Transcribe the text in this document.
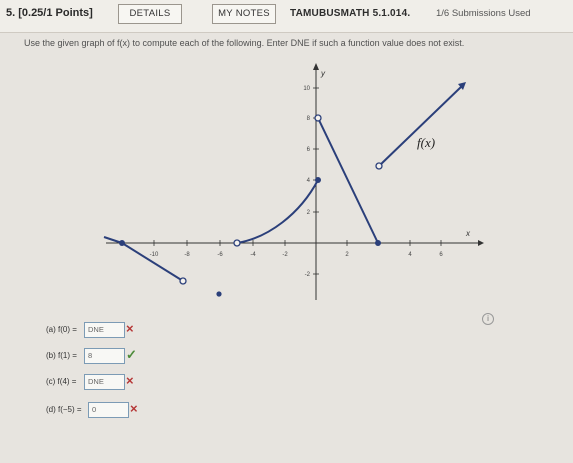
5. [0.25/1 Points]	DETAILS	MY NOTES	TAMUBUSMATH 5.1.014.	1/6 Submissions Used
Use the given graph of f(x) to compute each of the following. Enter DNE if such a function value does not exist.
x
y
-10	-8	-6	-4	-2	2	4	6
10
8
6
4
2
-2
f(x)
i
(a) f(0) =	DNE	×
(b) f(1) =	8	✓
(c) f(4) =	DNE	×
(d) f(−5) =	0	×
